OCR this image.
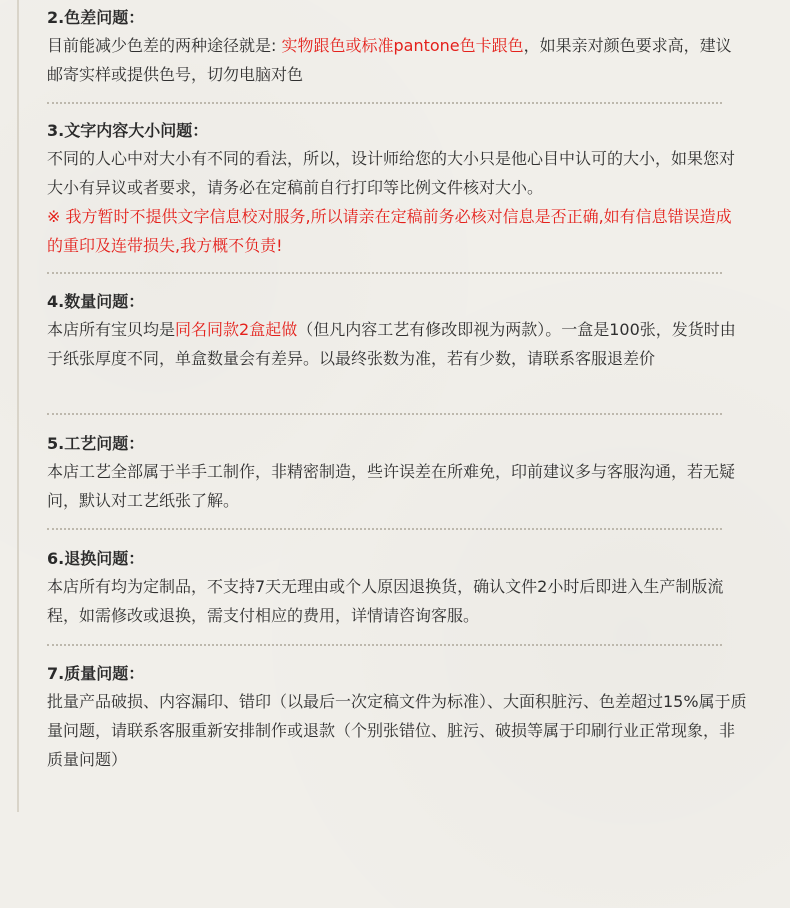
2.色差问题：
目前能减少色差的两种途径就是: 实物跟色或标准pantone色卡跟色，如果亲对颜色要求高，建议邮寄实样或提供色号，切勿电脑对色
3.文字内容大小问题：
不同的人心中对大小有不同的看法，所以，设计师给您的大小只是他心目中认可的大小，如果您对大小有异议或者要求，请务必在定稿前自行打印等比例文件核对大小。
※ 我方暂时不提供文字信息校对服务,所以请亲在定稿前务必核对信息是否正确,如有信息错误造成的重印及连带损失,我方概不负责!
4.数量问题：
本店所有宝贝均是同名同款2盒起做（但凡内容工艺有修改即视为两款）。一盒是100张，发货时由于纸张厚度不同，单盒数量会有差异。以最终张数为准，若有少数，请联系客服退差价
5.工艺问题：
本店工艺全部属于半手工制作，非精密制造，些许误差在所难免，印前建议多与客服沟通，若无疑问，默认对工艺纸张了解。
6.退换问题：
本店所有均为定制品，不支持7天无理由或个人原因退换货，确认文件2小时后即进入生产制版流程，如需修改或退换，需支付相应的费用，详情请咨询客服。
7.质量问题：
批量产品破损、内容漏印、错印（以最后一次定稿文件为标准）、大面积脏污、色差超过15%属于质量问题，请联系客服重新安排制作或退款（个别张错位、脏污、破损等属于印刷行业正常现象，非质量问题）
